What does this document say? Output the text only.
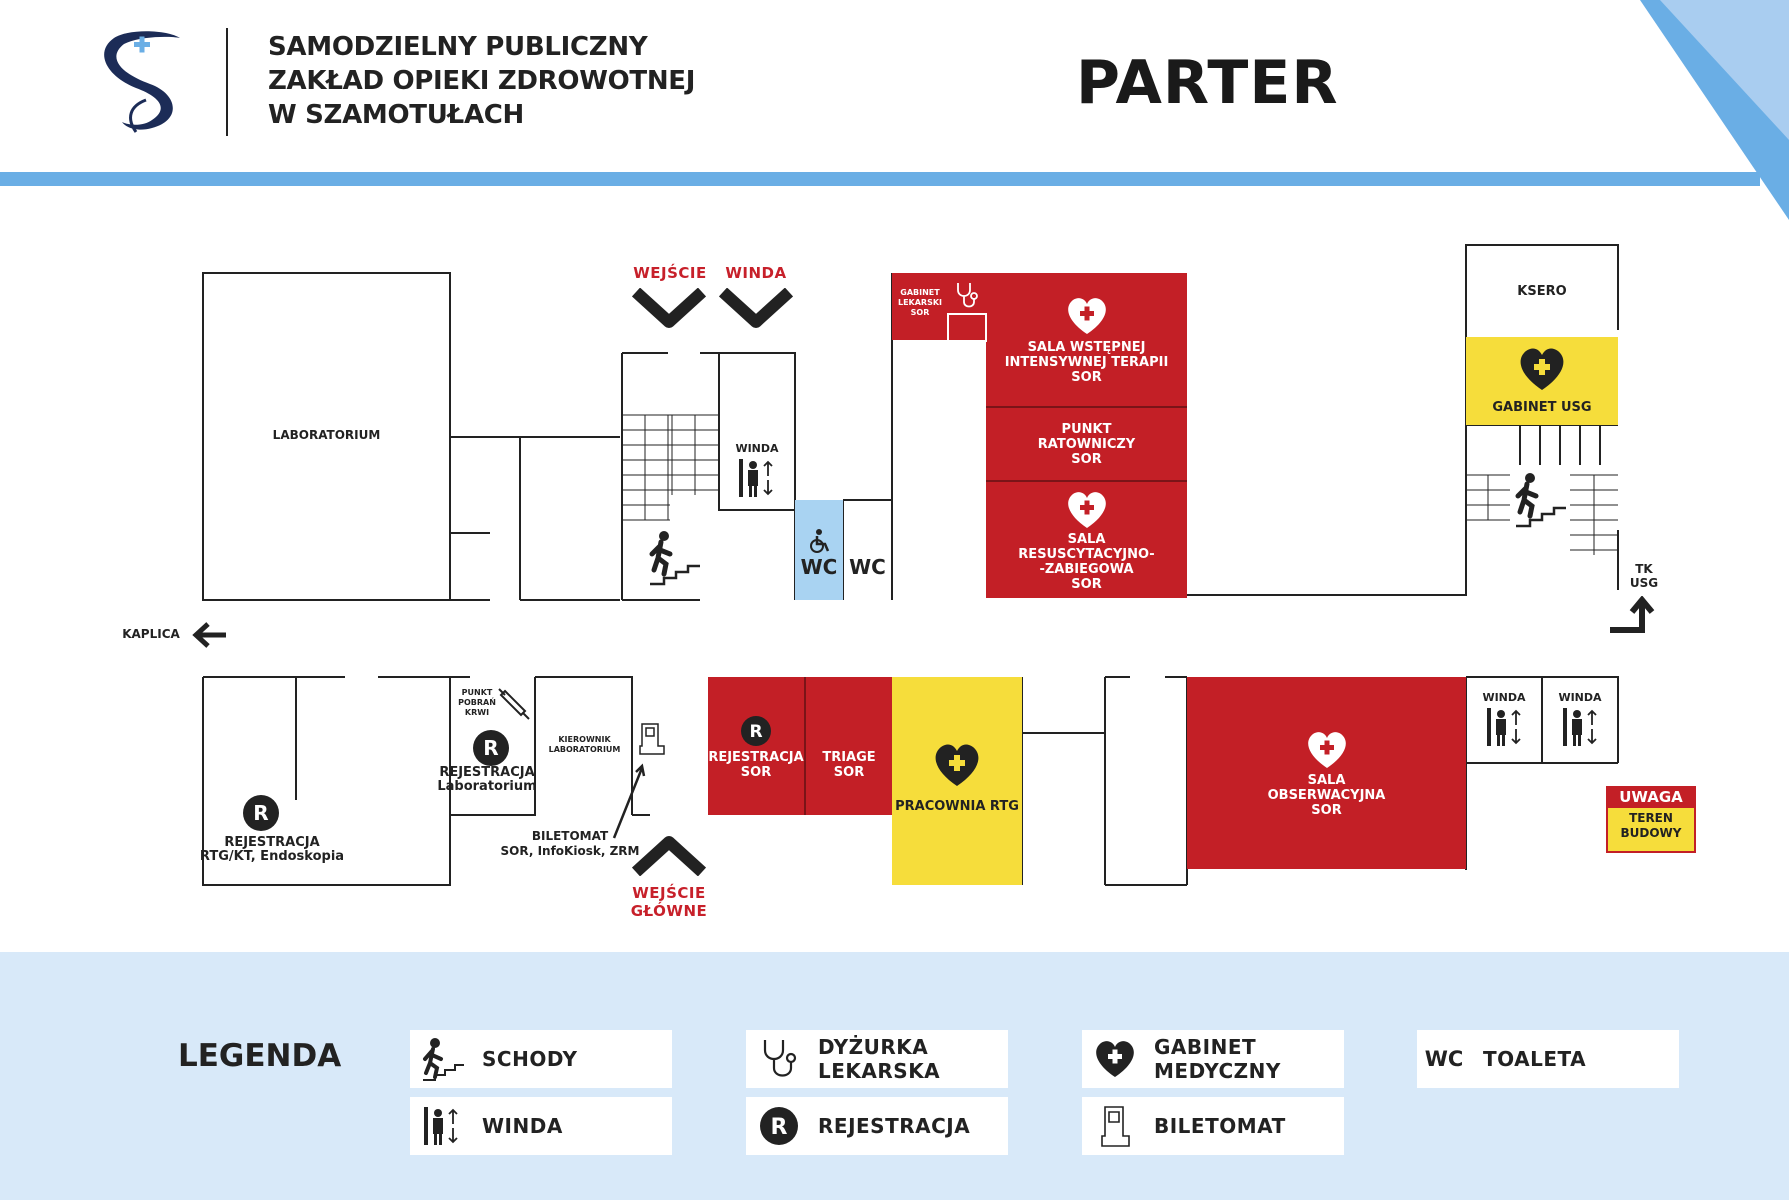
SAMODZIELNY PUBLICZNY
ZAKŁAD OPIEKI ZDROWOTNEJ
W SZAMOTUŁACH	PARTER
WEJŚCIE	WINDA
LABORATORIUM
WINDA
WC WC
GABINET
LEKARSKI
SOR
SALA WSTĘPNEJ
INTENSYWNEJ TERAPII
SOR
PUNKT
RATOWNICZY
SOR
SALA
RESUSCYTACYJNO-
-ZABIEGOWA
SOR
KSERO
GABINET USG
TK
USG
KAPLICA
PUNKT
POBRAŃ
KRWI
R
REJESTRACJA
Laboratorium
KIEROWNIK
LABORATORIUM
R
REJESTRACJA
RTG/KT, Endoskopia
BILETOMAT
SOR, InfoKiosk, ZRM
WEJŚCIE
GŁÓWNE
R
REJESTRACJA
SOR
TRIAGE
SOR
PRACOWNIA RTG
SALA
OBSERWACYJNA
SOR
WINDA	WINDA
UWAGA
TEREN
BUDOWY
LEGENDA	SCHODY
WINDA
DYŻURKA
LEKARSKA
R REJESTRACJA
GABINET
MEDYCZNY
BILETOMAT
WC TOALETA
